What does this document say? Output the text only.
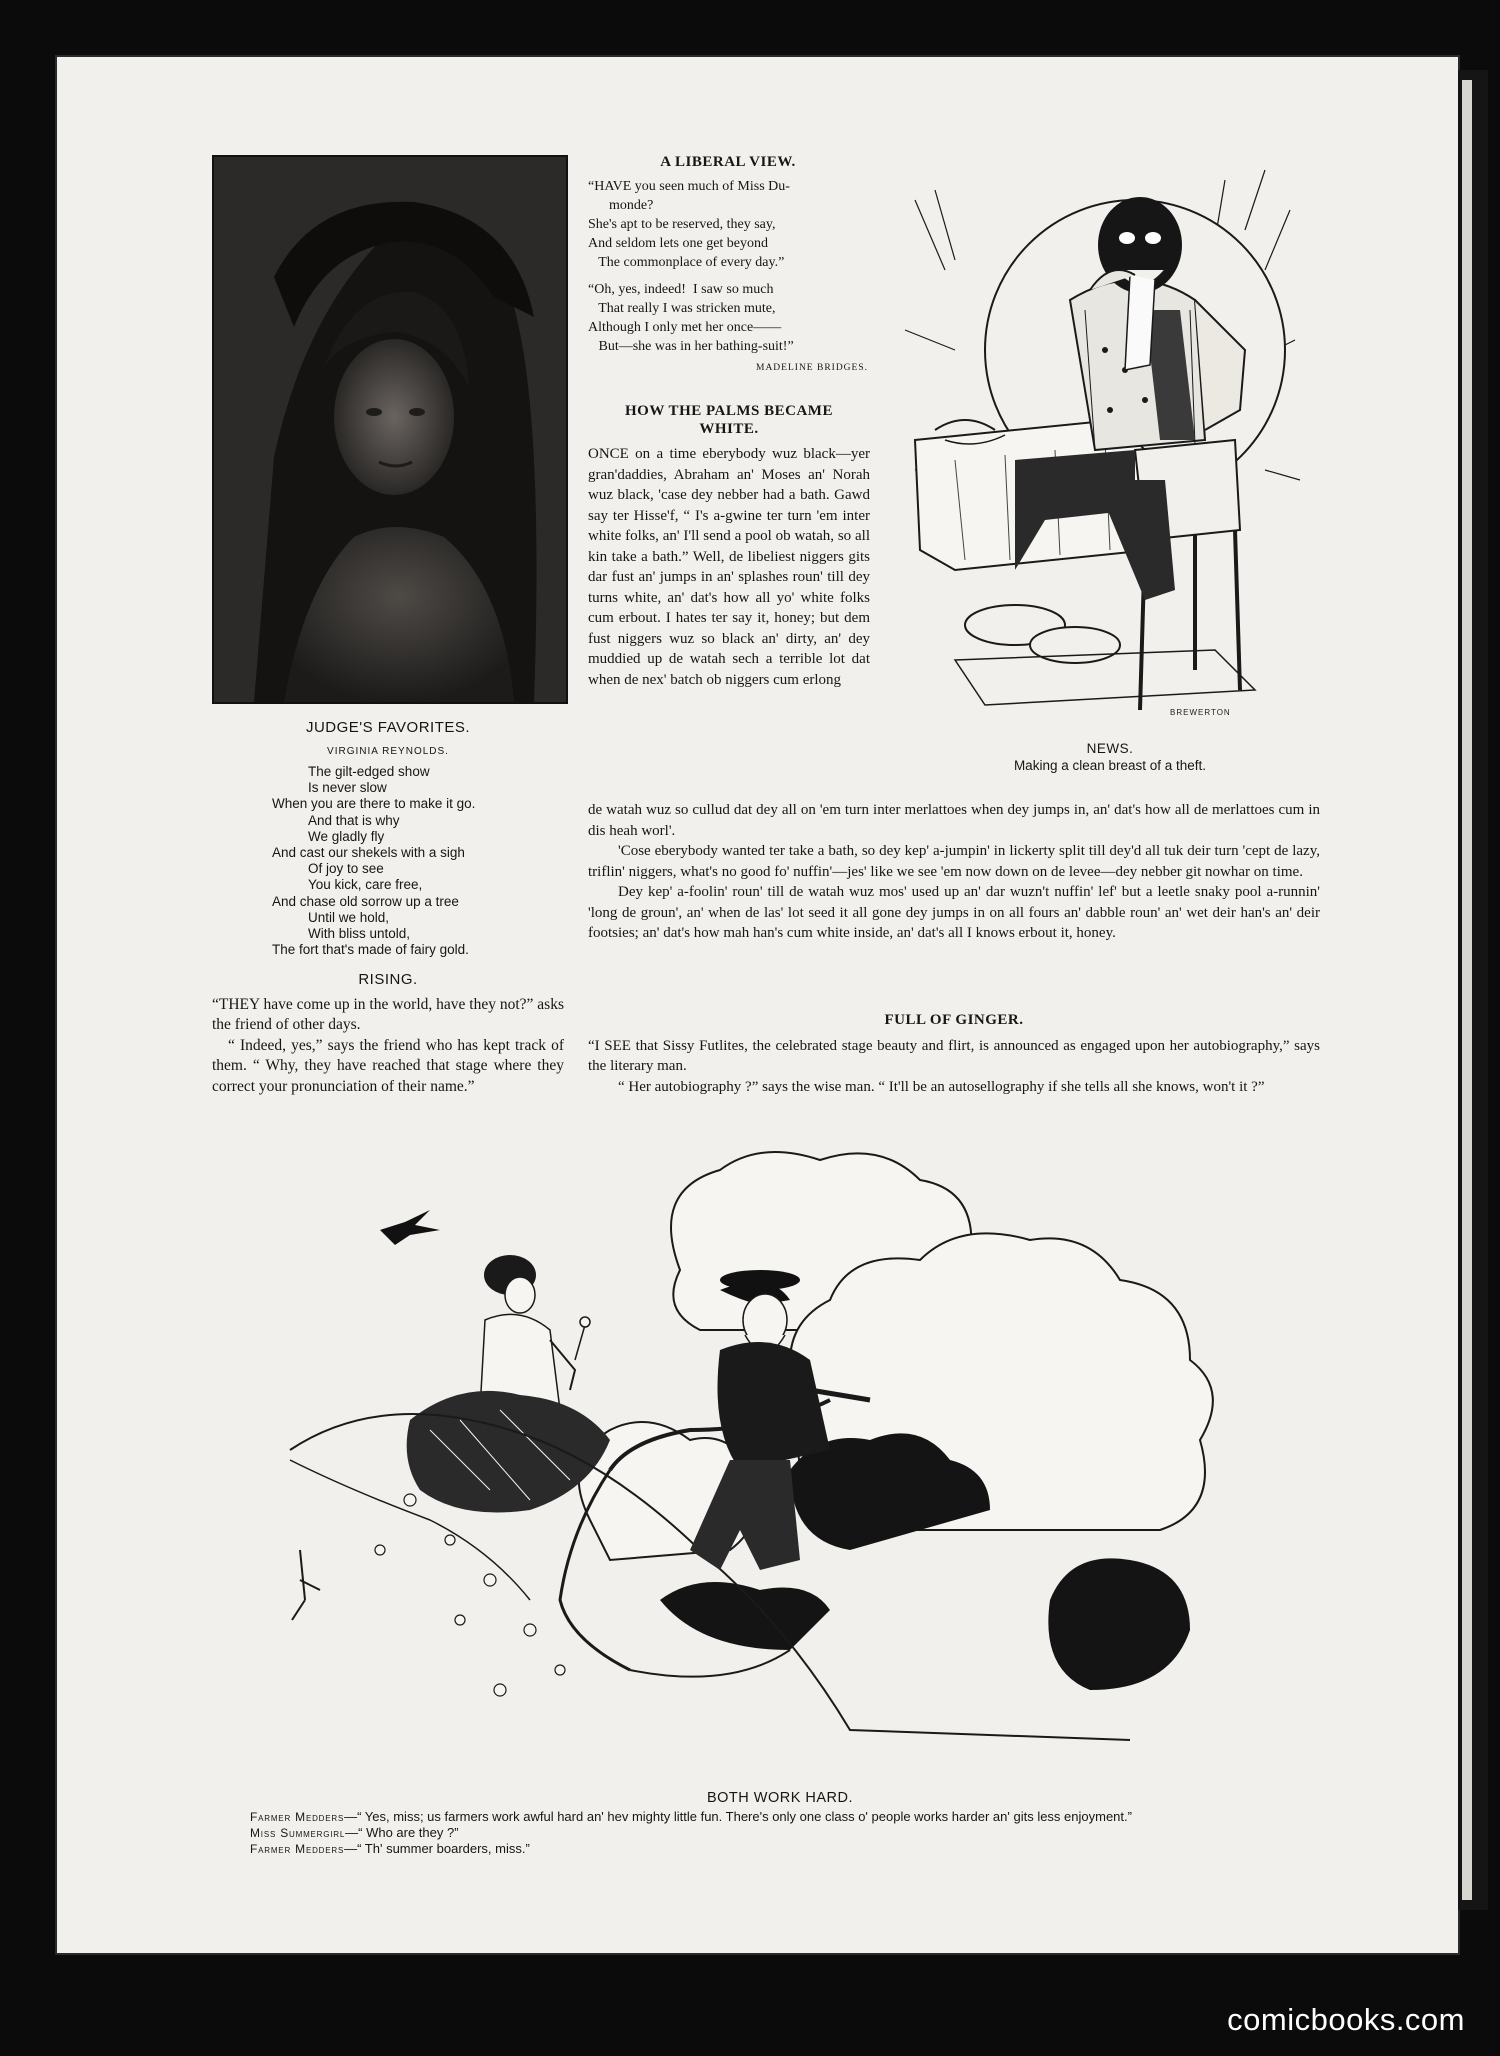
JUDGE'S FAVORITES.
VIRGINIA REYNOLDS.
The gilt-edged show
Is never slow
When you are there to make it go.
And that is why
We gladly fly
And cast our shekels with a sigh
Of joy to see
You kick, care free,
And chase old sorrow up a tree
Until we hold,
With bliss untold,
The fort that's made of fairy gold.
RISING.

“THEY have come up in the world, have they not?” asks the friend of other days.

“ Indeed, yes,” says the friend who has kept track of them. “ Why, they have reached that stage where they correct your pronunciation of their name.”

A LIBERAL VIEW.
“HAVE you seen much of Miss Du-
monde?
She's apt to be reserved, they say,
And seldom lets one get beyond
The commonplace of every day.”
“Oh, yes, indeed!  I saw so much
That really I was stricken mute,
Although I only met her once——
But—she was in her bathing-suit!”
MADELINE BRIDGES.
HOW THE PALMS BECAME
WHITE.

ONCE on a time eberybody wuz black—yer gran'daddies, Abraham an' Moses an' Norah wuz black, 'case dey nebber had a bath. Gawd say ter Hisse'f, “ I's a-gwine ter turn 'em inter white folks, an' I'll send a pool ob watah, so all kin take a bath.” Well, de libeliest niggers gits dar fust an' jumps in an' splashes roun' till dey turns white, an' dat's how all yo' white folks cum erbout. I hates ter say it, honey; but dem fust niggers wuz so black an' dirty, an' dey muddied up de watah sech a terrible lot dat when de nex' batch ob niggers cum erlong

de watah wuz so cullud dat dey all on 'em turn inter merlattoes when dey jumps in, an' dat's how all de merlattoes cum in dis heah worl'.

'Cose eberybody wanted ter take a bath, so dey kep' a-jumpin' in lickerty split till dey'd all tuk deir turn 'cept de lazy, triflin' niggers, what's no good fo' nuffin'—jes' like we see 'em now down on de levee—dey nebber git nowhar on time.

Dey kep' a-foolin' roun' till de watah wuz mos' used up an' dar wuzn't nuffin' lef' but a leetle snaky pool a-runnin' 'long de groun', an' when de las' lot seed it all gone dey jumps in on all fours an' dabble roun' an' wet deir han's an' deir footsies; an' dat's how mah han's cum white inside, an' dat's all I knows erbout it, honey.

BREWERTON
NEWS.
Making a clean breast of a theft.
FULL OF GINGER.

“I SEE that Sissy Futlites, the celebrated stage beauty and flirt, is announced as engaged upon her autobiography,” says the literary man.

“ Her autobiography ?” says the wise man. “ It'll be an autosellography if she tells all she knows, won't it ?”

BOTH WORK HARD.

Farmer Medders—“ Yes, miss; us farmers work awful hard an' hev mighty little fun. There's only one class o' people works harder an' gits less enjoyment.”

Miss Summergirl—“ Who are they ?”

Farmer Medders—“ Th' summer boarders, miss.”

comicbooks.com
